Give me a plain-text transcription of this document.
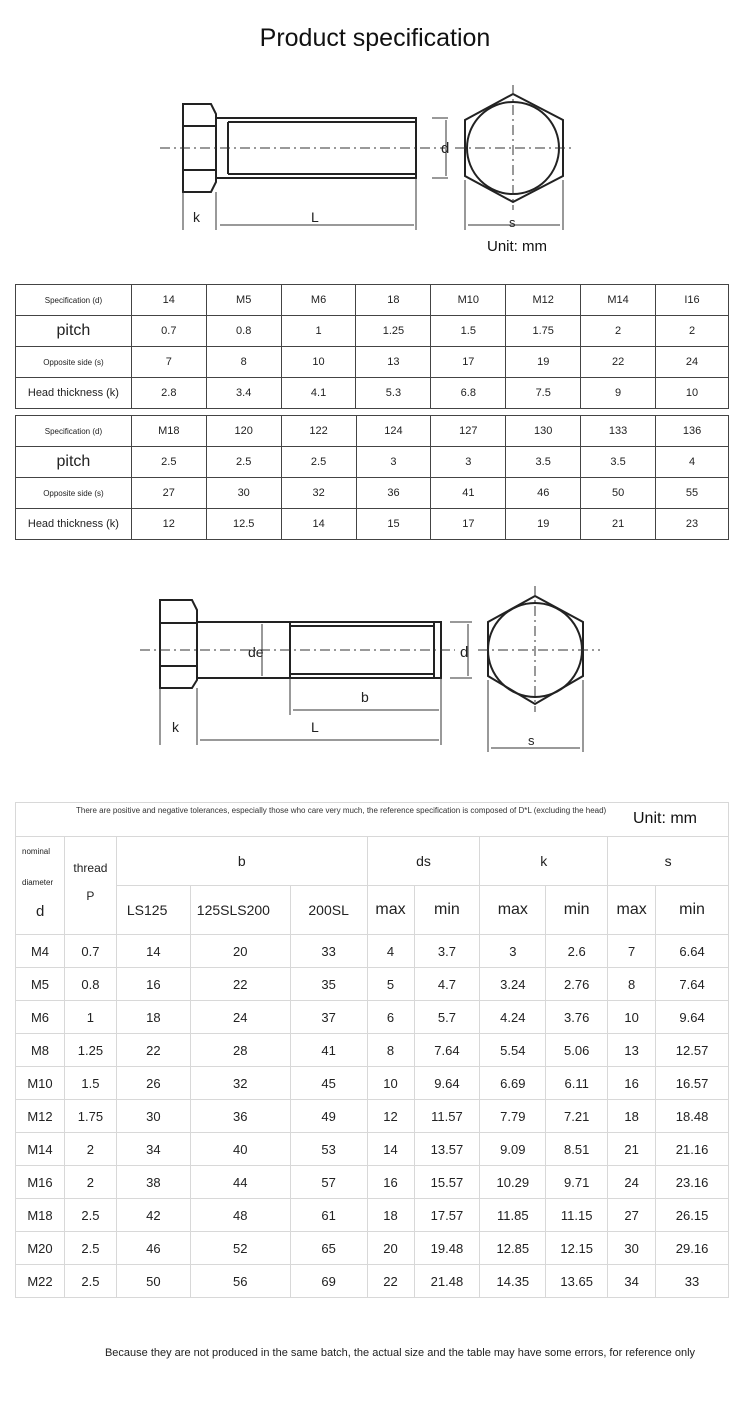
Product specification
k	L
d
s
Unit: mm
Specification (d)	14	M5	M6	18	M10	M12	M14	I16
pitch	0.7	0.8	1	1.25	1.5	1.75	2	2
Opposite side (s)	7	8	10	13	17	19	22	24
Head thickness (k)	2.8	3.4	4.1	5.3	6.8	7.5	9	10
Specification (d)	M18	120	122	124	127	130	133	136
pitch	2.5	2.5	2.5	3	3	3.5	3.5	4
Opposite side (s)	27	30	32	36	41	46	50	55
Head thickness (k)	12	12.5	14	15	17	19	21	23
de	d
b
L
k
s
There are positive and negative tolerances, especially those who care very much, the reference specification is composed of D*L (excluding the head)	Unit: mm
nominal
diameter
d	thread
P	b			ds		k		s	
		LS125	125SLS200	200SL	max	min	max	min	max	min
M4	0.7	14	20	33	4	3.7	3	2.6	7	6.64
M5	0.8	16	22	35	5	4.7	3.24	2.76	8	7.64
M6	1	18	24	37	6	5.7	4.24	3.76	10	9.64
M8	1.25	22	28	41	8	7.64	5.54	5.06	13	12.57
M10	1.5	26	32	45	10	9.64	6.69	6.11	16	16.57
M12	1.75	30	36	49	12	11.57	7.79	7.21	18	18.48
M14	2	34	40	53	14	13.57	9.09	8.51	21	21.16
M16	2	38	44	57	16	15.57	10.29	9.71	24	23.16
M18	2.5	42	48	61	18	17.57	11.85	11.15	27	26.15
M20	2.5	46	52	65	20	19.48	12.85	12.15	30	29.16
M22	2.5	50	56	69	22	21.48	14.35	13.65	34	33
Because they are not produced in the same batch, the actual size and the table may have some errors, for reference only
